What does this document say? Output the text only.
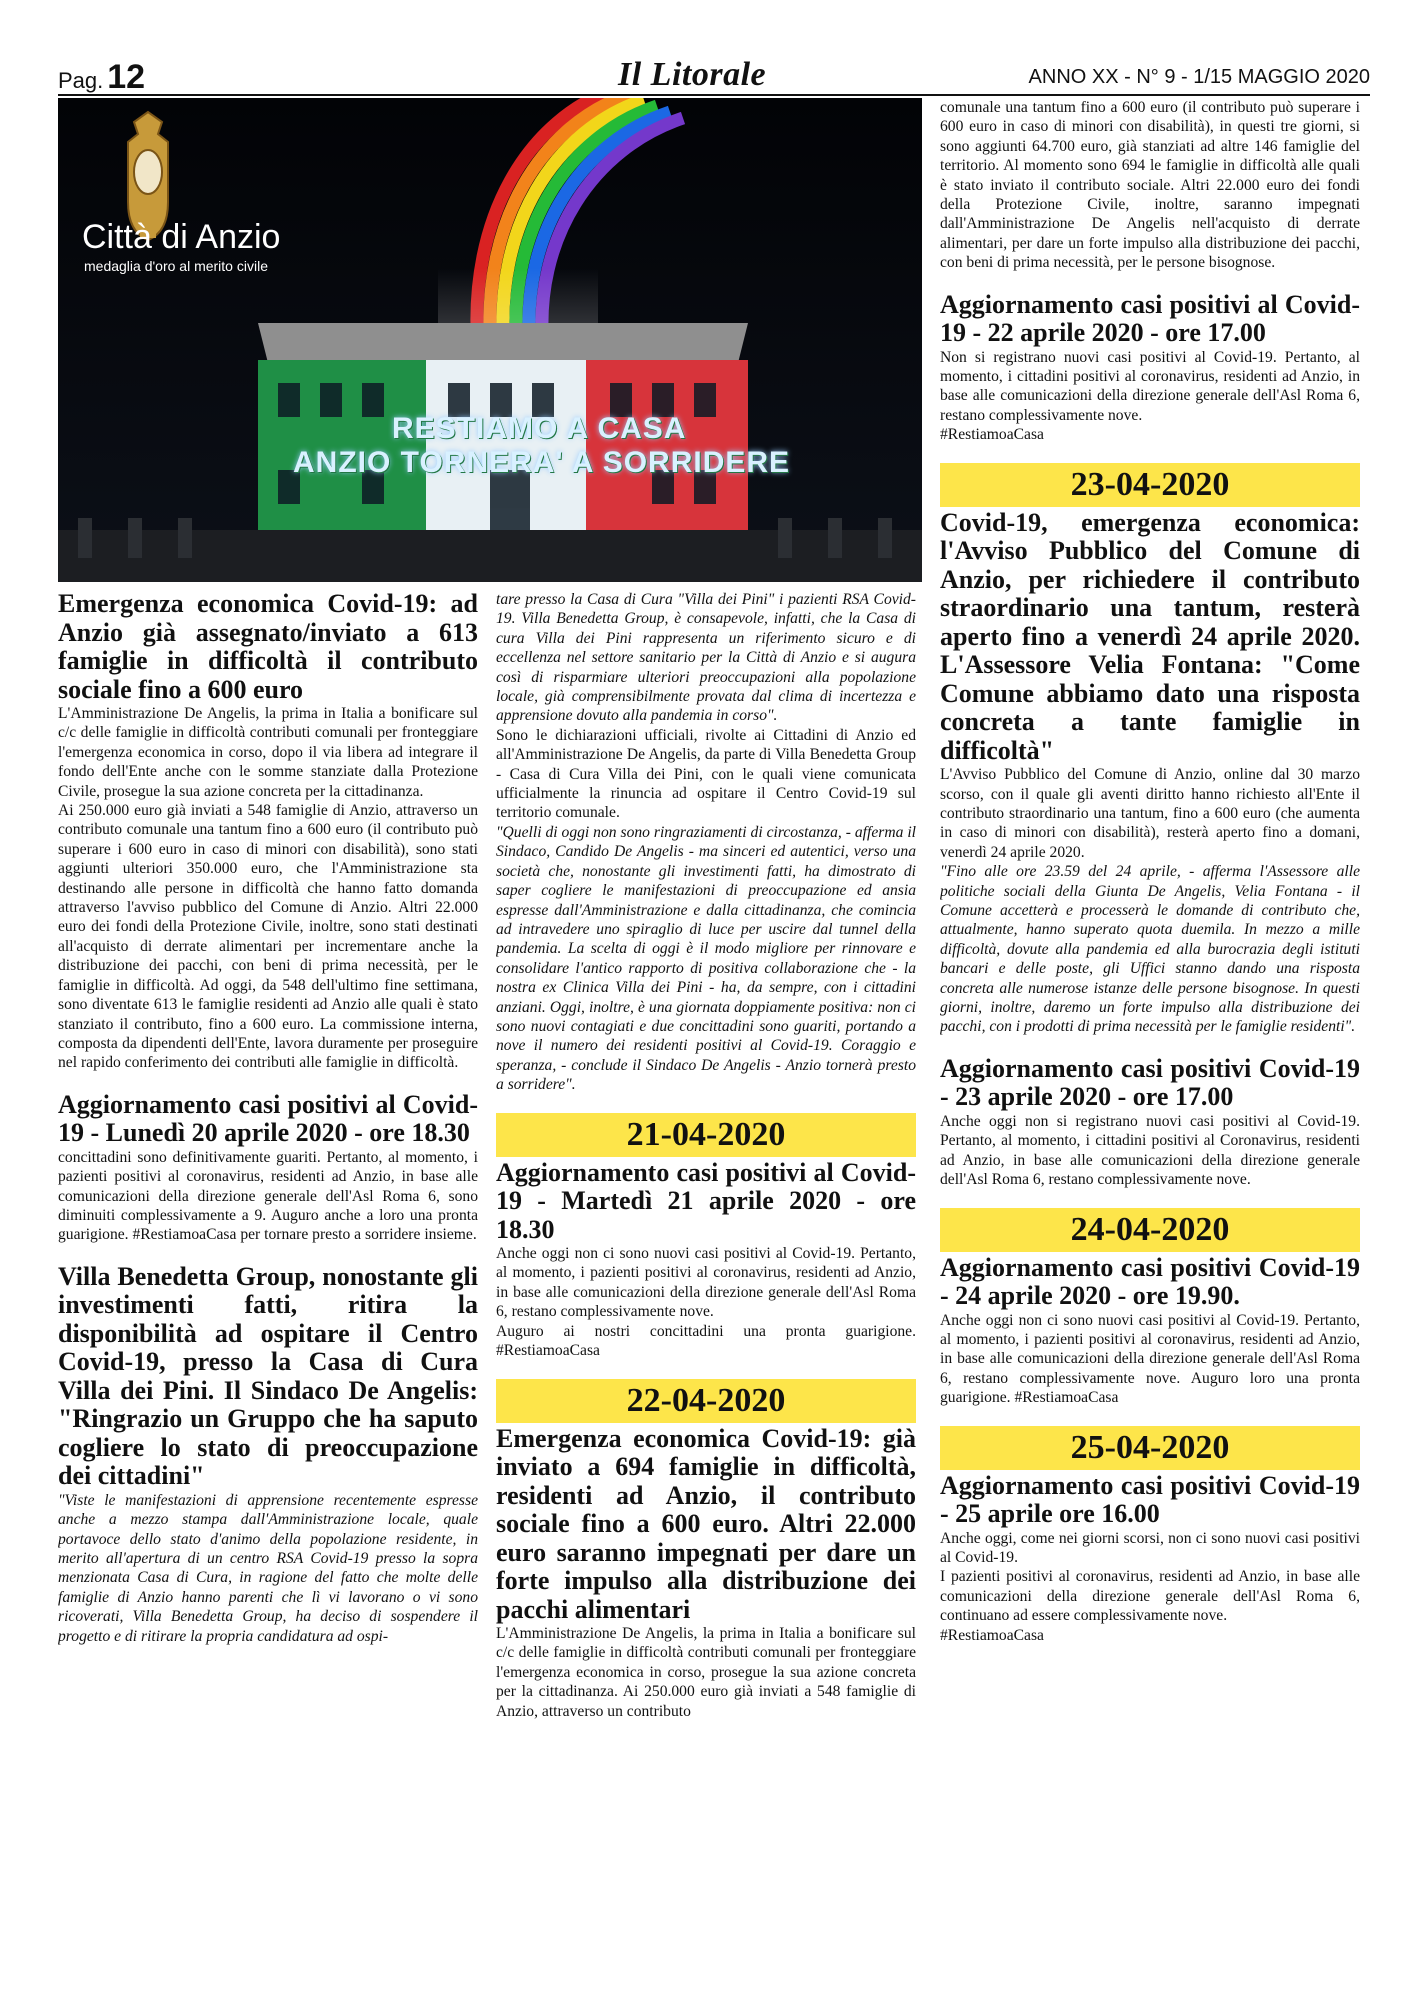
Pag. 12	Il Litorale	ANNO XX - N° 9 - 1/15 MAGGIO 2020
Città di Anzio
medaglia d'oro al merito civile
RESTIAMO A CASA
ANZIO TORNERA' A SORRIDERE
Emergenza economica Covid-19: ad Anzio già assegnato/inviato a 613 famiglie in difficoltà il contributo sociale fino a 600 euro

L'Amministrazione De Angelis, la prima in Italia a bonificare sul c/c delle famiglie in difficoltà contributi comunali per fronteggiare l'emergenza economica in corso, dopo il via libera ad integrare il fondo dell'Ente anche con le somme stanziate dalla Protezione Civile, prosegue la sua azione concreta per la cittadinanza.

Ai 250.000 euro già inviati a 548 famiglie di Anzio, attraverso un contributo comunale una tantum fino a 600 euro (il contributo può superare i 600 euro in caso di minori con disabilità), sono stati aggiunti ulteriori 350.000 euro, che l'Amministrazione sta destinando alle persone in difficoltà che hanno fatto domanda attraverso l'avviso pubblico del Comune di Anzio. Altri 22.000 euro dei fondi della Protezione Civile, inoltre, sono stati destinati all'acquisto di derrate alimentari per incrementare anche la distribuzione dei pacchi, con beni di prima necessità, per le famiglie in difficoltà. Ad oggi, da 548 dell'ultimo fine settimana, sono diventate 613 le famiglie residenti ad Anzio alle quali è stato stanziato il contributo, fino a 600 euro. La commissione interna, composta da dipendenti dell'Ente, lavora duramente per proseguire nel rapido conferimento dei contributi alle famiglie in difficoltà.

Aggiornamento casi positivi al Covid-19 - Lunedì 20 aprile 2020 - ore 18.30

concittadini sono definitivamente guariti. Pertanto, al momento, i pazienti positivi al coronavirus, residenti ad Anzio, in base alle comunicazioni della direzione generale dell'Asl Roma 6, sono diminuiti complessivamente a 9. Auguro anche a loro una pronta guarigione. #RestiamoaCasa per tornare presto a sorridere insieme.

Villa Benedetta Group, nonostante gli investimenti fatti, ritira la disponibilità ad ospitare il Centro Covid-19, presso la Casa di Cura Villa dei Pini. Il Sindaco De Angelis: "Ringrazio un Gruppo che ha saputo cogliere lo stato di preoccupazione dei cittadini"

"Viste le manifestazioni di apprensione recentemente espresse anche a mezzo stampa dall'Amministrazione locale, quale portavoce dello stato d'animo della popolazione residente, in merito all'apertura di un centro RSA Covid-19 presso la sopra menzionata Casa di Cura, in ragione del fatto che molte delle famiglie di Anzio hanno parenti che lì vi lavorano o vi sono ricoverati, Villa Benedetta Group, ha deciso di sospendere il progetto e di ritirare la propria candidatura ad ospi-

tare presso la Casa di Cura "Villa dei Pini" i pazienti RSA Covid-19. Villa Benedetta Group, è consapevole, infatti, che la Casa di cura Villa dei Pini rappresenta un riferimento sicuro e di eccellenza nel settore sanitario per la Città di Anzio e si augura così di risparmiare ulteriori preoccupazioni alla popolazione locale, già comprensibilmente provata dal clima di incertezza e apprensione dovuto alla pandemia in corso".

Sono le dichiarazioni ufficiali, rivolte ai Cittadini di Anzio ed all'Amministrazione De Angelis, da parte di Villa Benedetta Group - Casa di Cura Villa dei Pini, con le quali viene comunicata ufficialmente la rinuncia ad ospitare il Centro Covid-19 sul territorio comunale.

"Quelli di oggi non sono ringraziamenti di circostanza, - afferma il Sindaco, Candido De Angelis - ma sinceri ed autentici, verso una società che, nonostante gli investimenti fatti, ha dimostrato di saper cogliere le manifestazioni di preoccupazione ed ansia espresse dall'Amministrazione e dalla cittadinanza, che comincia ad intravedere uno spiraglio di luce per uscire dal tunnel della pandemia. La scelta di oggi è il modo migliore per rinnovare e consolidare l'antico rapporto di positiva collaborazione che - la nostra ex Clinica Villa dei Pini - ha, da sempre, con i cittadini anziani. Oggi, inoltre, è una giornata doppiamente positiva: non ci sono nuovi contagiati e due concittadini sono guariti, portando a nove il numero dei residenti positivi al Covid-19. Coraggio e speranza, - conclude il Sindaco De Angelis - Anzio tornerà presto a sorridere".

21-04-2020
Aggiornamento casi positivi al Covid-19 - Martedì 21 aprile 2020 - ore 18.30

Anche oggi non ci sono nuovi casi positivi al Covid-19. Pertanto, al momento, i pazienti positivi al coronavirus, residenti ad Anzio, in base alle comunicazioni della direzione generale dell'Asl Roma 6, restano complessivamente nove.

Auguro ai nostri concittadini una pronta guarigione. #RestiamoaCasa

22-04-2020
Emergenza economica Covid-19: già inviato a 694 famiglie in difficoltà, residenti ad Anzio, il contributo sociale fino a 600 euro. Altri 22.000 euro saranno impegnati per dare un forte impulso alla distribuzione dei pacchi alimentari

L'Amministrazione De Angelis, la prima in Italia a bonificare sul c/c delle famiglie in difficoltà contributi comunali per fronteggiare l'emergenza economica in corso, prosegue la sua azione concreta per la cittadinanza. Ai 250.000 euro già inviati a 548 famiglie di Anzio, attraverso un contributo

comunale una tantum fino a 600 euro (il contributo può superare i 600 euro in caso di minori con disabilità), in questi tre giorni, si sono aggiunti 64.700 euro, già stanziati ad altre 146 famiglie del territorio. Al momento sono 694 le famiglie in difficoltà alle quali è stato inviato il contributo sociale. Altri 22.000 euro dei fondi della Protezione Civile, inoltre, saranno impegnati dall'Amministrazione De Angelis nell'acquisto di derrate alimentari, per dare un forte impulso alla distribuzione dei pacchi, con beni di prima necessità, per le persone bisognose.

Aggiornamento casi positivi al Covid-19 - 22 aprile 2020 - ore 17.00

Non si registrano nuovi casi positivi al Covid-19. Pertanto, al momento, i cittadini positivi al coronavirus, residenti ad Anzio, in base alle comunicazioni della direzione generale dell'Asl Roma 6, restano complessivamente nove.

#RestiamoaCasa

23-04-2020
Covid-19, emergenza economica: l'Avviso Pubblico del Comune di Anzio, per richiedere il contributo straordinario una tantum, resterà aperto fino a venerdì 24 aprile 2020. L'Assessore Velia Fontana: "Come Comune abbiamo dato una risposta concreta a tante famiglie in difficoltà"

L'Avviso Pubblico del Comune di Anzio, online dal 30 marzo scorso, con il quale gli aventi diritto hanno richiesto all'Ente il contributo straordinario una tantum, fino a 600 euro (che aumenta in caso di minori con disabilità), resterà aperto fino a domani, venerdì 24 aprile 2020.

"Fino alle ore 23.59 del 24 aprile, - afferma l'Assessore alle politiche sociali della Giunta De Angelis, Velia Fontana - il Comune accetterà e processerà le domande di contributo che, attualmente, hanno superato quota duemila. In mezzo a mille difficoltà, dovute alla pandemia ed alla burocrazia degli istituti bancari e delle poste, gli Uffici stanno dando una risposta concreta alle numerose istanze delle persone bisognose. In questi giorni, inoltre, daremo un forte impulso alla distribuzione dei pacchi, con i prodotti di prima necessità per le famiglie residenti".

Aggiornamento casi positivi Covid-19 - 23 aprile 2020 - ore 17.00

Anche oggi non si registrano nuovi casi positivi al Covid-19. Pertanto, al momento, i cittadini positivi al Coronavirus, residenti ad Anzio, in base alle comunicazioni della direzione generale dell'Asl Roma 6, restano complessivamente nove.

24-04-2020
Aggiornamento casi positivi Covid-19 - 24 aprile 2020 - ore 19.90.

Anche oggi non ci sono nuovi casi positivi al Covid-19. Pertanto, al momento, i pazienti positivi al coronavirus, residenti ad Anzio, in base alle comunicazioni della direzione generale dell'Asl Roma 6, restano complessivamente nove. Auguro loro una pronta guarigione. #RestiamoaCasa

25-04-2020
Aggiornamento casi positivi Covid-19 - 25 aprile ore 16.00

Anche oggi, come nei giorni scorsi, non ci sono nuovi casi positivi al Covid-19.

I pazienti positivi al coronavirus, residenti ad Anzio, in base alle comunicazioni della direzione generale dell'Asl Roma 6, continuano ad essere complessivamente nove.

#RestiamoaCasa
